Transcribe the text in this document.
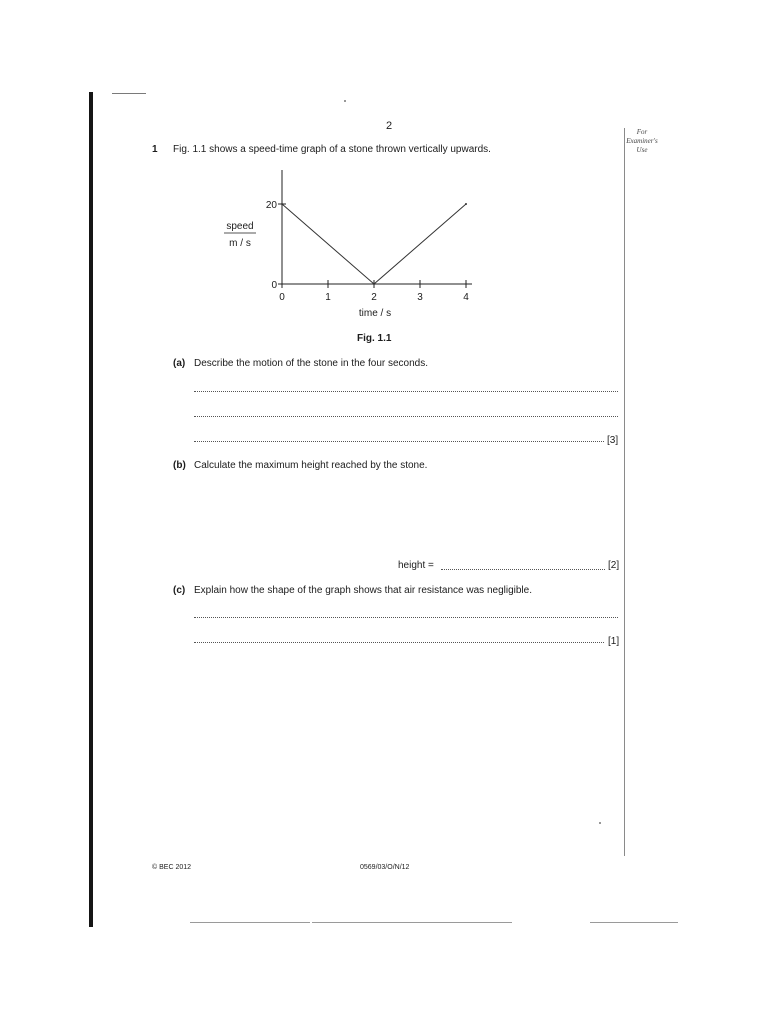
2	For
Examiner's
Use
1 Fig. 1.1 shows a speed-time graph of a stone thrown vertically upwards.
speed
m / s
0	1	2	3	4
0
20
time / s
Fig. 1.1
(a) Describe the motion of the stone in the four seconds.
[3]
(b) Calculate the maximum height reached by the stone.
height =	[2]
(c) Explain how the shape of the graph shows that air resistance was negligible.
[1]
© BEC 2012	0569/03/O/N/12
